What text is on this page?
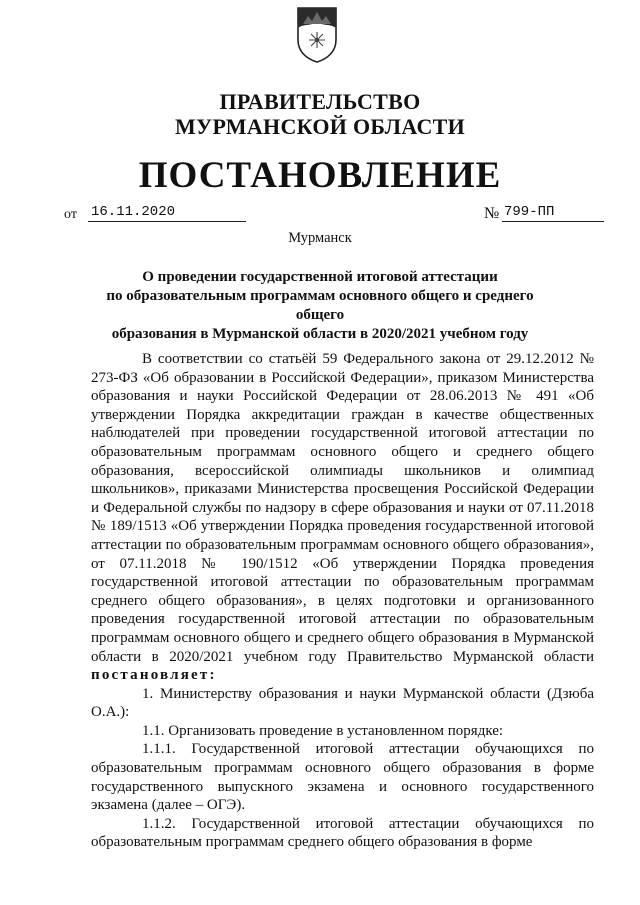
ПРАВИТЕЛЬСТВО
МУРМАНСКОЙ ОБЛАСТИ
ПОСТАНОВЛЕНИЕ
от 16.11.2020	№ 799-ПП
Мурманск
О проведении государственной итоговой аттестации
по образовательным программам основного общего и среднего общего
образования в Мурманской области в 2020/2021 учебном году

В соответствии со статьёй 59 Федерального закона от 29.12.2012 № 273-ФЗ «Об образовании в Российской Федерации», приказом Министерства образования и науки Российской Федерации от 28.06.2013 № 491 «Об утверждении Порядка аккредитации граждан в качестве общественных наблюдателей при проведении государственной итоговой аттестации по образовательным программам основного общего и среднего общего образования, всероссийской олимпиады школьников и олимпиад школьников», приказами Министерства просвещения Российской Федерации и Федеральной службы по надзору в сфере образования и науки от 07.11.2018 № 189/1513 «Об утверждении Порядка проведения государственной итоговой аттестации по образовательным программам основного общего образования», от 07.11.2018 № 190/1512 «Об утверждении Порядка проведения государственной итоговой аттестации по образовательным программам среднего общего образования», в целях подготовки и организованного проведения государственной итоговой аттестации по образовательным программам основного общего и среднего общего образования в Мурманской области в 2020/2021 учебном году Правительство Мурманской области постановляет:

1. Министерству образования и науки Мурманской области (Дзюба О.А.):

1.1. Организовать проведение в установленном порядке:

1.1.1. Государственной итоговой аттестации обучающихся по образовательным программам основного общего образования в форме государственного выпускного экзамена и основного государственного экзамена (далее – ОГЭ).

1.1.2. Государственной итоговой аттестации обучающихся по образовательным программам среднего общего образования в форме
